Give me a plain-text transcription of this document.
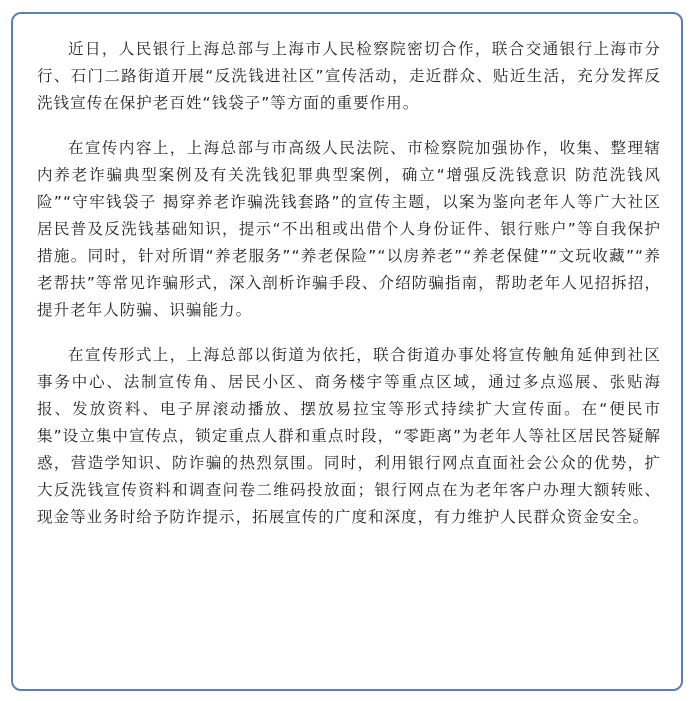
近日，人民银行上海总部与上海市人民检察院密切合作，联合交通银行上海市分行、石门二路街道开展“反洗钱进社区”宣传活动，走近群众、贴近生活，充分发挥反洗钱宣传在保护老百姓“钱袋子”等方面的重要作用。

在宣传内容上，上海总部与市高级人民法院、市检察院加强协作，收集、整理辖内养老诈骗典型案例及有关洗钱犯罪典型案例，确立“增强反洗钱意识 防范洗钱风险”“守牢钱袋子 揭穿养老诈骗洗钱套路”的宣传主题，以案为鉴向老年人等广大社区居民普及反洗钱基础知识，提示“不出租或出借个人身份证件、银行账户”等自我保护措施。同时，针对所谓“养老服务”“养老保险”“以房养老”“养老保健”“文玩收藏”“养老帮扶”等常见诈骗形式，深入剖析诈骗手段、介绍防骗指南，帮助老年人见招拆招，提升老年人防骗、识骗能力。

在宣传形式上，上海总部以街道为依托，联合街道办事处将宣传触角延伸到社区事务中心、法制宣传角、居民小区、商务楼宇等重点区域，通过多点巡展、张贴海报、发放资料、电子屏滚动播放、摆放易拉宝等形式持续扩大宣传面。在“便民市集”设立集中宣传点，锁定重点人群和重点时段，“零距离”为老年人等社区居民答疑解惑，营造学知识、防诈骗的热烈氛围。同时，利用银行网点直面社会公众的优势，扩大反洗钱宣传资料和调查问卷二维码投放面；银行网点在为老年客户办理大额转账、现金等业务时给予防诈提示，拓展宣传的广度和深度，有力维护人民群众资金安全。
